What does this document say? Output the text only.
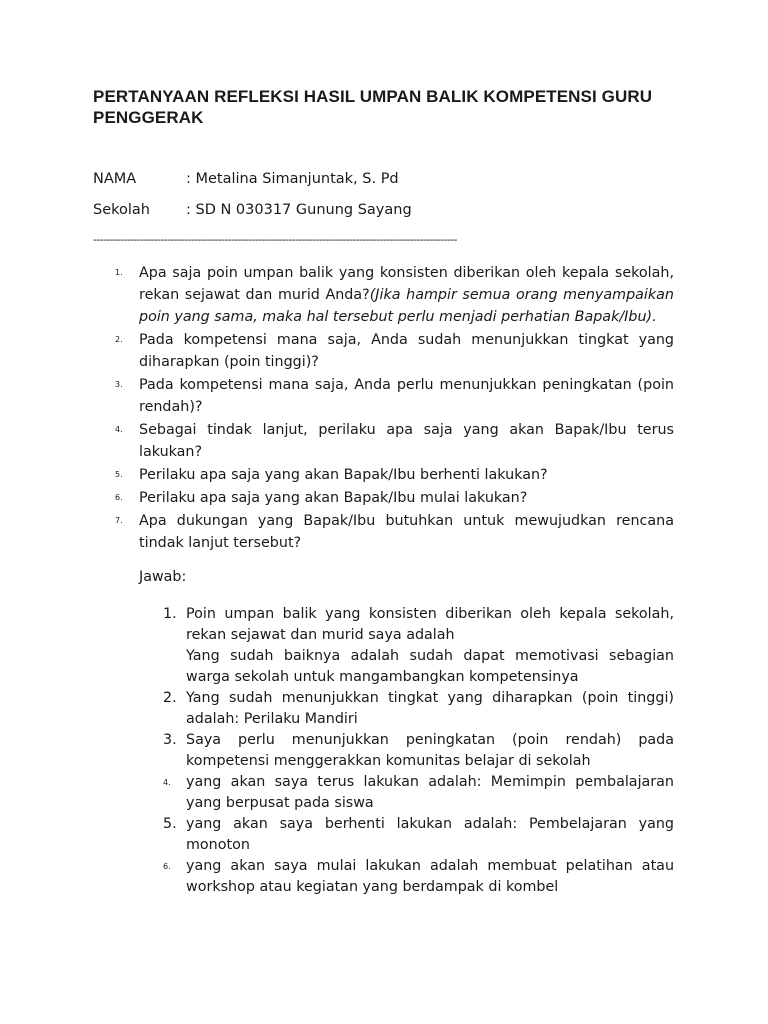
PERTANYAAN REFLEKSI HASIL UMPAN BALIK KOMPETENSI GURU PENGGERAK
NAMA	: Metalina Simanjuntak, S. Pd
Sekolah	: SD N 030317 Gunung Sayang
------------------------------------------------------------------------------------------------------------
1.	Apa saja poin umpan balik yang konsisten diberikan oleh kepala sekolah, rekan sejawat dan murid Anda?(Jika hampir semua orang menyampaikan poin yang sama, maka hal tersebut perlu menjadi perhatian Bapak/Ibu).
2.	Pada kompetensi mana saja, Anda sudah menunjukkan tingkat yang diharapkan (poin tinggi)?
3.	Pada kompetensi mana saja, Anda perlu menunjukkan peningkatan (poin rendah)?
4.	Sebagai tindak lanjut, perilaku apa saja yang akan Bapak/Ibu terus lakukan?
5.	Perilaku apa saja yang akan Bapak/Ibu berhenti lakukan?
6.	Perilaku apa saja yang akan Bapak/Ibu mulai lakukan?
7.	Apa dukungan yang Bapak/Ibu butuhkan untuk mewujudkan rencana tindak lanjut tersebut?
Jawab:
1. Poin umpan balik yang konsisten diberikan oleh kepala sekolah, rekan sejawat dan murid saya adalah
Yang sudah baiknya adalah sudah dapat memotivasi sebagian warga sekolah untuk mangambangkan kompetensinya
2. Yang sudah menunjukkan tingkat yang diharapkan (poin tinggi) adalah: Perilaku Mandiri
3. Saya perlu menunjukkan peningkatan (poin rendah) pada kompetensi menggerakkan komunitas belajar di sekolah
4.	yang akan saya terus lakukan adalah: Memimpin pembalajaran yang berpusat pada siswa
5. yang akan saya berhenti lakukan adalah: Pembelajaran yang monoton
6.	yang akan saya mulai lakukan adalah membuat pelatihan atau workshop atau kegiatan yang berdampak di kombel
